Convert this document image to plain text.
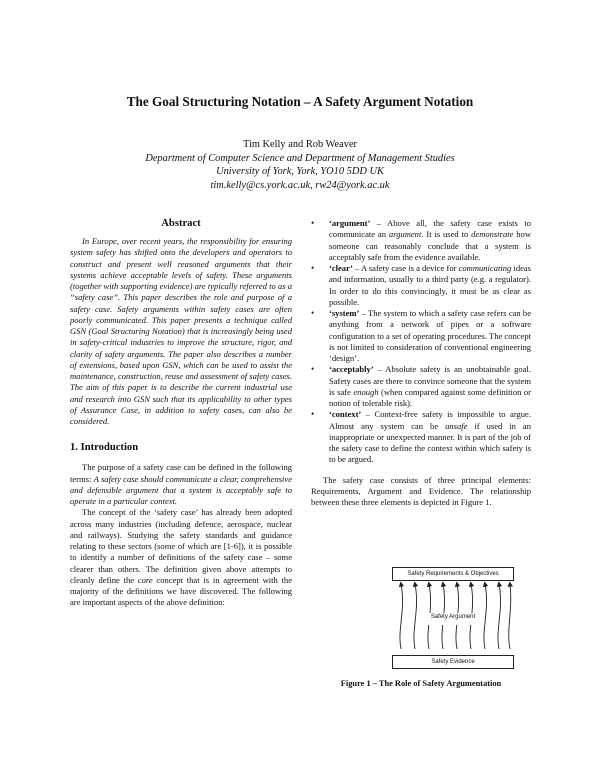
The Goal Structuring Notation – A Safety Argument Notation
Tim Kelly and Rob Weaver
Department of Computer Science and Department of Management Studies
University of York, York, YO10 5DD UK
tim.kelly@cs.york.ac.uk, rw24@york.ac.uk
Abstract
In Europe, over recent years, the responsibility for ensuring system safety has shifted onto the developers and operators to construct and present well reasoned arguments that their systems achieve acceptable levels of safety. These arguments (together with supporting evidence) are typically referred to as a “safety case”. This paper describes the role and purpose of a safety case. Safety arguments within safety cases are often poorly communicated. This paper presents a technique called GSN (Goal Structuring Notation) that is increasingly being used in safety-critical industries to improve the structure, rigor, and clarity of safety arguments. The paper also describes a number of extensions, based upon GSN, which can be used to assist the maintenance, construction, reuse and assessment of safety cases. The aim of this paper is to describe the current industrial use and research into GSN such that its applicability to other types of Assurance Case, in addition to safety cases, can also be considered.
1. Introduction

The purpose of a safety case can be defined in the following terms: A safety case should communicate a clear, comprehensive and defensible argument that a system is acceptably safe to operate in a particular context.

The concept of the ‘safety case’ has already been adopted across many industries (including defence, aerospace, nuclear and railways). Studying the safety standards and guidance relating to these sectors (some of which are [1-6]), it is possible to identify a number of definitions of the safety case – some clearer than others. The definition given above attempts to cleanly define the core concept that is in agreement with the majority of the definitions we have discovered. The following are important aspects of the above definition:

• ‘argument’ – Above all, the safety case exists to communicate an argument. It is used to demonstrate how someone can reasonably conclude that a system is acceptably safe from the evidence available.
• ‘clear’ – A safety case is a device for communicating ideas and information, usually to a third party (e.g. a regulator). In order to do this convincingly, it must be as clear as possible.
• ‘system’ – The system to which a safety case refers can be anything from a network of pipes or a software configuration to a set of operating procedures. The concept is not limited to consideration of conventional engineering ‘design’.
• ‘acceptably’ – Absolute safety is an unobtainable goal. Safety cases are there to convince someone that the system is safe enough (when compared against some definition or notion of tolerable risk).
• ‘context’ – Context-free safety is impossible to argue. Almost any system can be unsafe if used in an inappropriate or unexpected manner. It is part of the job of the safety case to define the context within which safety is to be argued.

The safety case consists of three principal elements: Requirements, Argument and Evidence. The relationship between these three elements is depicted in Figure 1.

Safety Requirements & Objectives
Safety Argument
Safety Evidence
Figure 1 – The Role of Safety Argumentation
